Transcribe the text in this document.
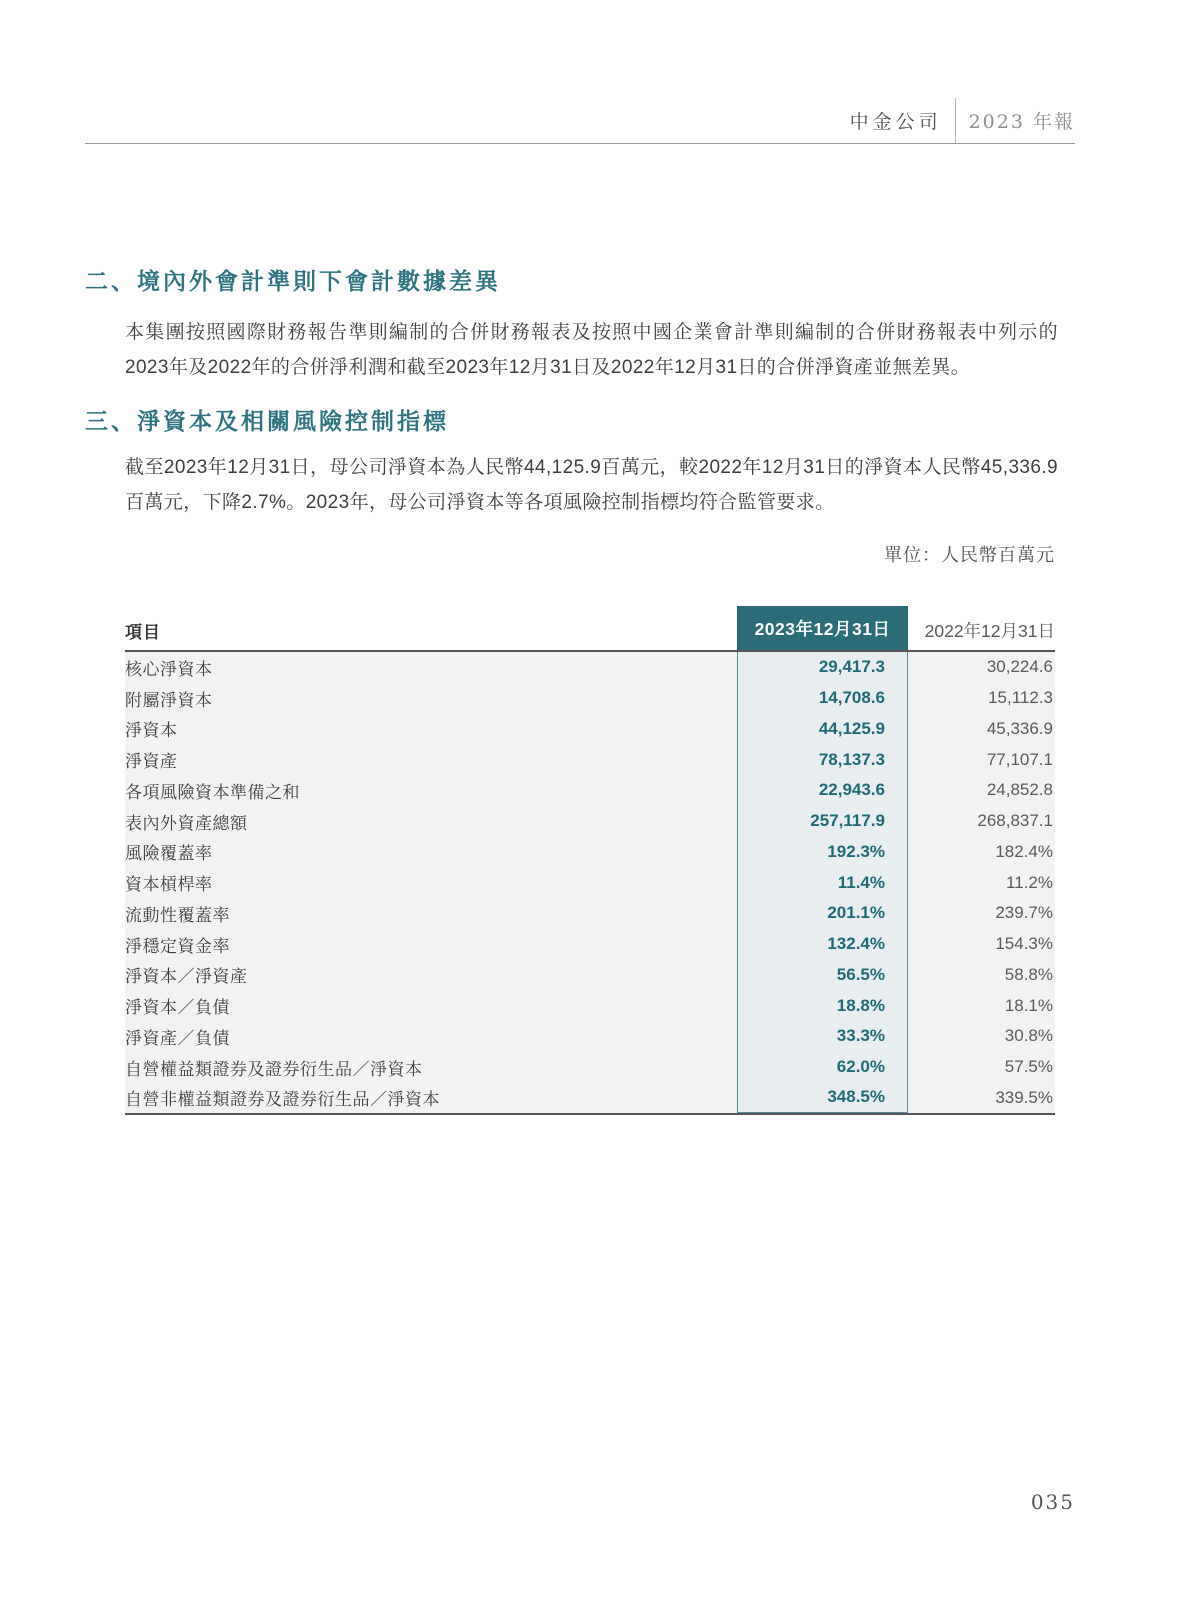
中金公司 2023 年報
二、境內外會計準則下會計數據差異
本集團按照國際財務報告準則編制的合併財務報表及按照中國企業會計準則編制的合併財務報表中列示的2023年及2022年的合併淨利潤和截至2023年12月31日及2022年12月31日的合併淨資產並無差異。
三、淨資本及相關風險控制指標
截至2023年12月31日，母公司淨資本為人民幣44,125.9百萬元，較2022年12月31日的淨資本人民幣45,336.9百萬元，下降2.7%。2023年，母公司淨資本等各項風險控制指標均符合監管要求。
單位：人民幣百萬元
項目	2023年12月31日	2022年12月31日
核心淨資本	29,417.3	30,224.6
附屬淨資本	14,708.6	15,112.3
淨資本	44,125.9	45,336.9
淨資產	78,137.3	77,107.1
各項風險資本準備之和	22,943.6	24,852.8
表內外資產總額	257,117.9	268,837.1
風險覆蓋率	192.3%	182.4%
資本槓桿率	11.4%	11.2%
流動性覆蓋率	201.1%	239.7%
淨穩定資金率	132.4%	154.3%
淨資本／淨資產	56.5%	58.8%
淨資本／負債	18.8%	18.1%
淨資產／負債	33.3%	30.8%
自營權益類證券及證券衍生品／淨資本	62.0%	57.5%
自營非權益類證券及證券衍生品／淨資本	348.5%	339.5%
035
